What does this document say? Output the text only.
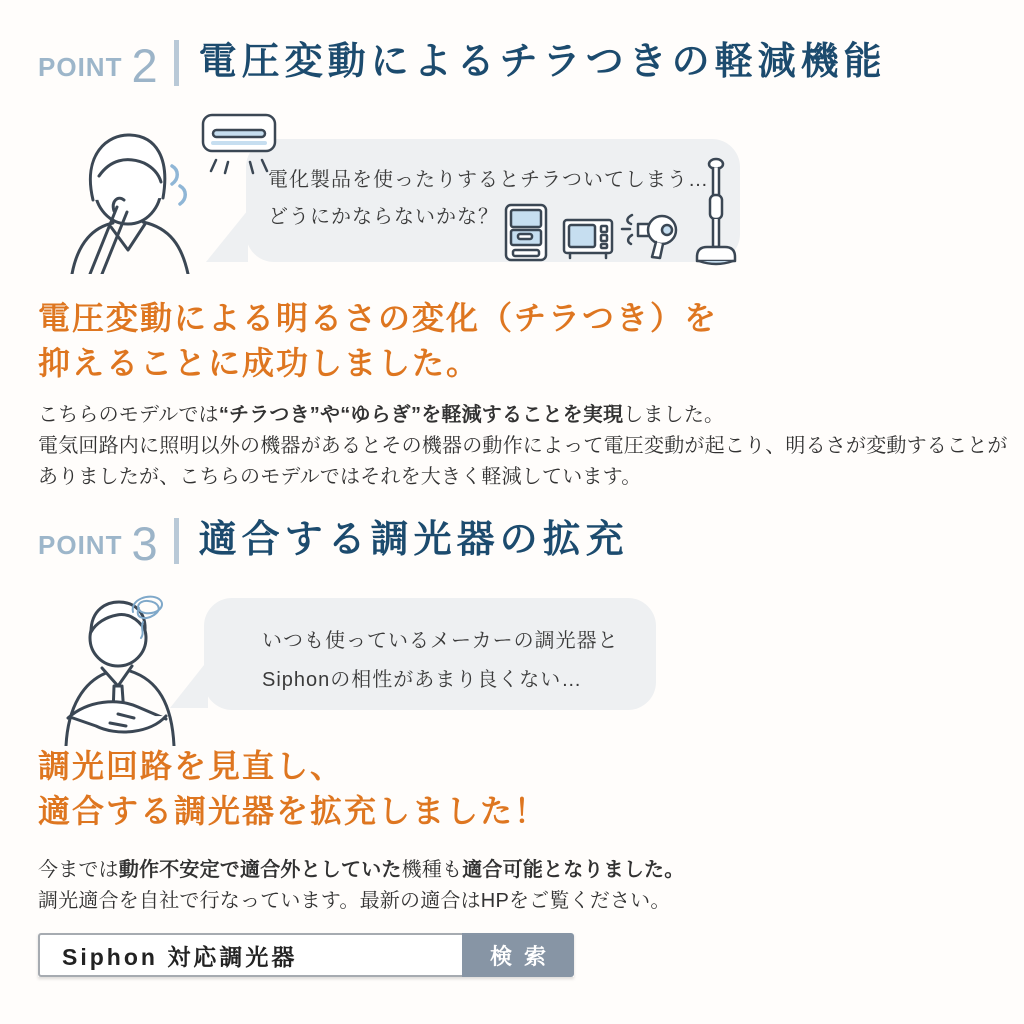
POINT 2 電圧変動によるチラつきの軽減機能
電化製品を使ったりするとチラついてしまう…
どうにかならないかな？
電圧変動による明るさの変化（チラつき）を
抑えることに成功しました。
こちらのモデルでは“チラつき”や“ゆらぎ”を軽減することを実現しました。
電気回路内に照明以外の機器があるとその機器の動作によって電圧変動が起こり、明るさが変動することがありましたが、こちらのモデルではそれを大きく軽減しています。
POINT 3 適合する調光器の拡充
いつも使っているメーカーの調光器と
Siphonの相性があまり良くない…
調光回路を見直し、
適合する調光器を拡充しました！
今までは動作不安定で適合外としていた機種も適合可能となりました。
調光適合を自社で行なっています。最新の適合はHPをご覧ください。
Siphon 対応調光器
検索
